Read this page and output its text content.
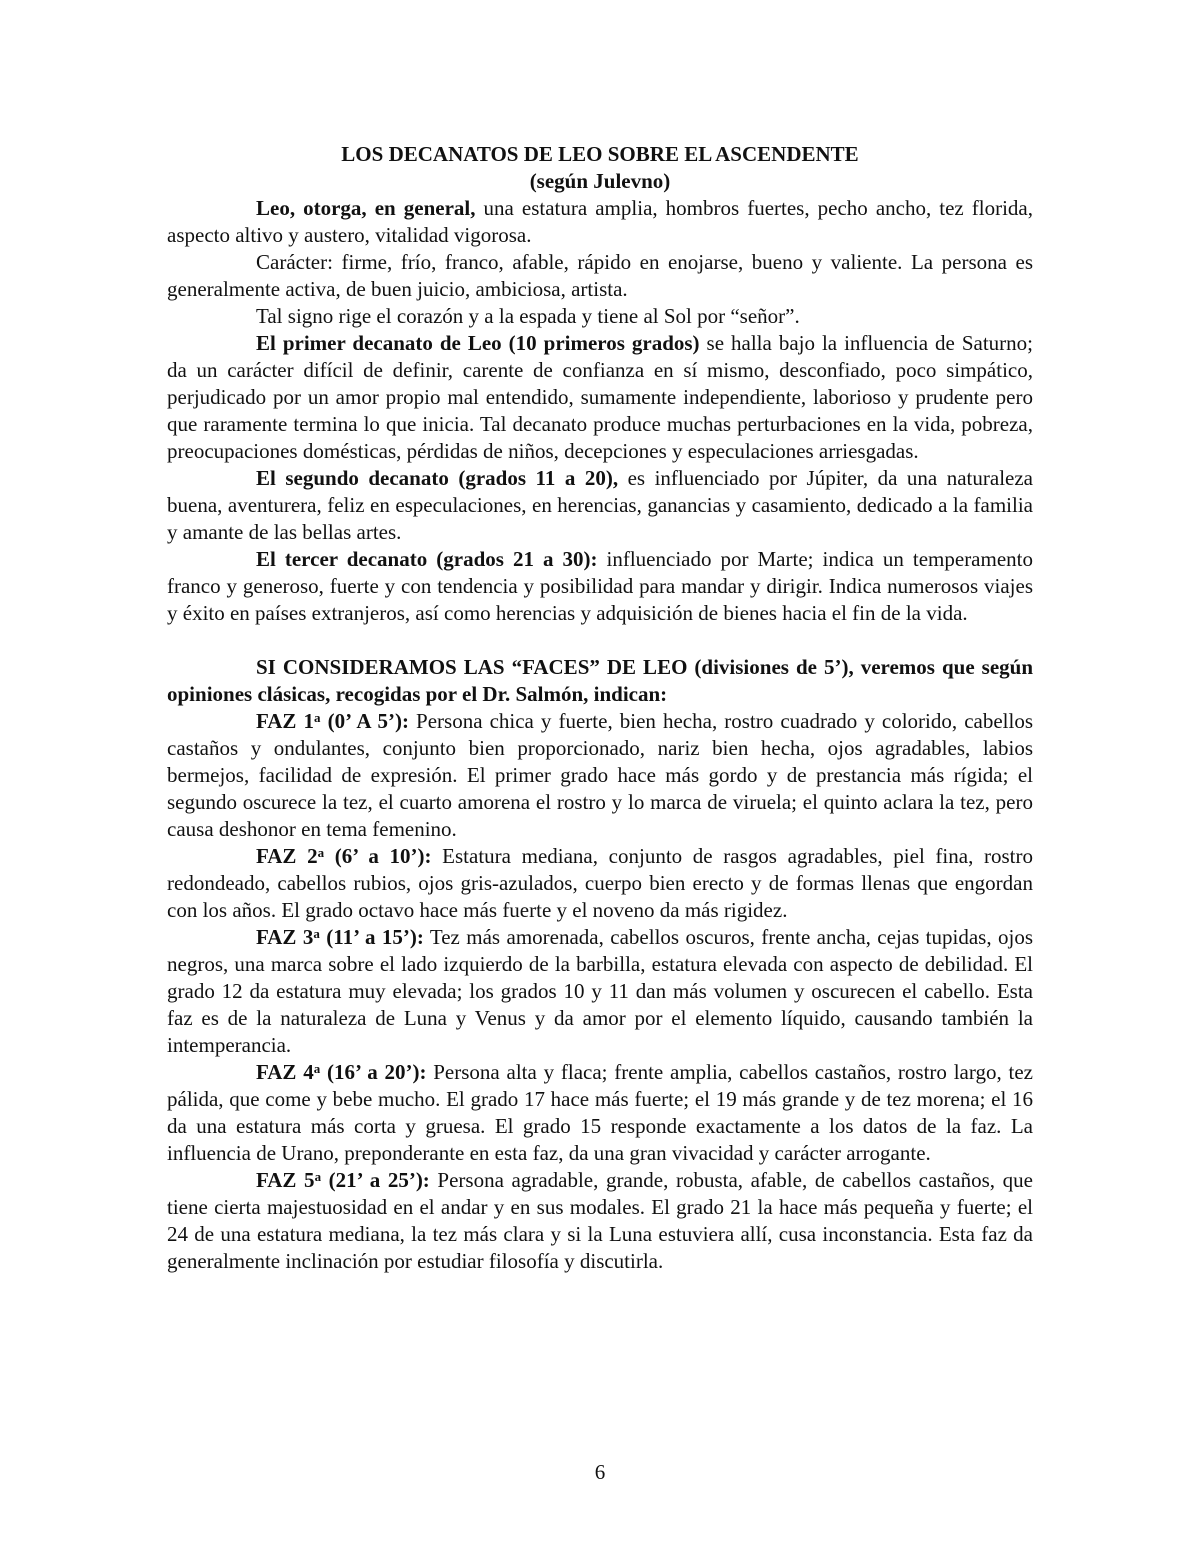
LOS DECANATOS DE LEO SOBRE EL ASCENDENTE
(según Julevno)

Leo, otorga, en general, una estatura amplia, hombros fuertes, pecho ancho, tez florida, aspecto altivo y austero, vitalidad vigorosa.

Carácter: firme, frío, franco, afable, rápido en enojarse, bueno y valiente. La persona es generalmente activa, de buen juicio, ambiciosa, artista.

Tal signo rige el corazón y a la espada y tiene al Sol por “señor”.

El primer decanato de Leo (10 primeros grados) se halla bajo la influencia de Saturno; da un carácter difícil de definir, carente de confianza en sí mismo, desconfiado, poco simpático, perjudicado por un amor propio mal entendido, sumamente independiente, laborioso y prudente pero que raramente termina lo que inicia. Tal decanato produce muchas perturbaciones en la vida, pobreza, preocupaciones domésticas, pérdidas de niños, decepciones y especulaciones arriesgadas.

El segundo decanato (grados 11 a 20), es influenciado por Júpiter, da una naturaleza buena, aventurera, feliz en especulaciones, en herencias, ganancias y casamiento, dedicado a la familia y amante de las bellas artes.

El tercer decanato (grados 21 a 30): influenciado por Marte; indica un temperamento franco y generoso, fuerte y con tendencia y posibilidad para mandar y dirigir. Indica numerosos viajes y éxito en países extranjeros, así como herencias y adquisición de bienes hacia el fin de la vida.

SI CONSIDERAMOS LAS “FACES” DE LEO (divisiones de 5’), veremos que según opiniones clásicas, recogidas por el Dr. Salmón, indican:

FAZ 1$^a$ (0’ A 5’): Persona chica y fuerte, bien hecha, rostro cuadrado y colorido, cabellos castaños y ondulantes, conjunto bien proporcionado, nariz bien hecha, ojos agradables, labios bermejos, facilidad de expresión. El primer grado hace más gordo y de prestancia más rígida; el segundo oscurece la tez, el cuarto amorena el rostro y lo marca de viruela; el quinto aclara la tez, pero causa deshonor en tema femenino.

FAZ 2$^a$ (6’ a 10’): Estatura mediana, conjunto de rasgos agradables, piel fina, rostro redondeado, cabellos rubios, ojos gris-azulados, cuerpo bien erecto y de formas llenas que engordan con los años. El grado octavo hace más fuerte y el noveno da más rigidez.

FAZ 3$^a$ (11’ a 15’): Tez más amorenada, cabellos oscuros, frente ancha, cejas tupidas, ojos negros, una marca sobre el lado izquierdo de la barbilla, estatura elevada con aspecto de debilidad. El grado 12 da estatura muy elevada; los grados 10 y 11 dan más volumen y oscurecen el cabello. Esta faz es de la naturaleza de Luna y Venus y da amor por el elemento líquido, causando también la intemperancia.

FAZ 4$^a$ (16’ a 20’): Persona alta y flaca; frente amplia, cabellos castaños, rostro largo, tez pálida, que come y bebe mucho. El grado 17 hace más fuerte; el 19 más grande y de tez morena; el 16 da una estatura más corta y gruesa. El grado 15 responde exactamente a los datos de la faz. La influencia de Urano, preponderante en esta faz, da una gran vivacidad y carácter arrogante.

FAZ 5$^a$ (21’ a 25’): Persona agradable, grande, robusta, afable, de cabellos castaños, que tiene cierta majestuosidad en el andar y en sus modales. El grado 21 la hace más pequeña y fuerte; el 24 de una estatura mediana, la tez más clara y si la Luna estuviera allí, cusa inconstancia. Esta faz da generalmente inclinación por estudiar filosofía y discutirla.

6
